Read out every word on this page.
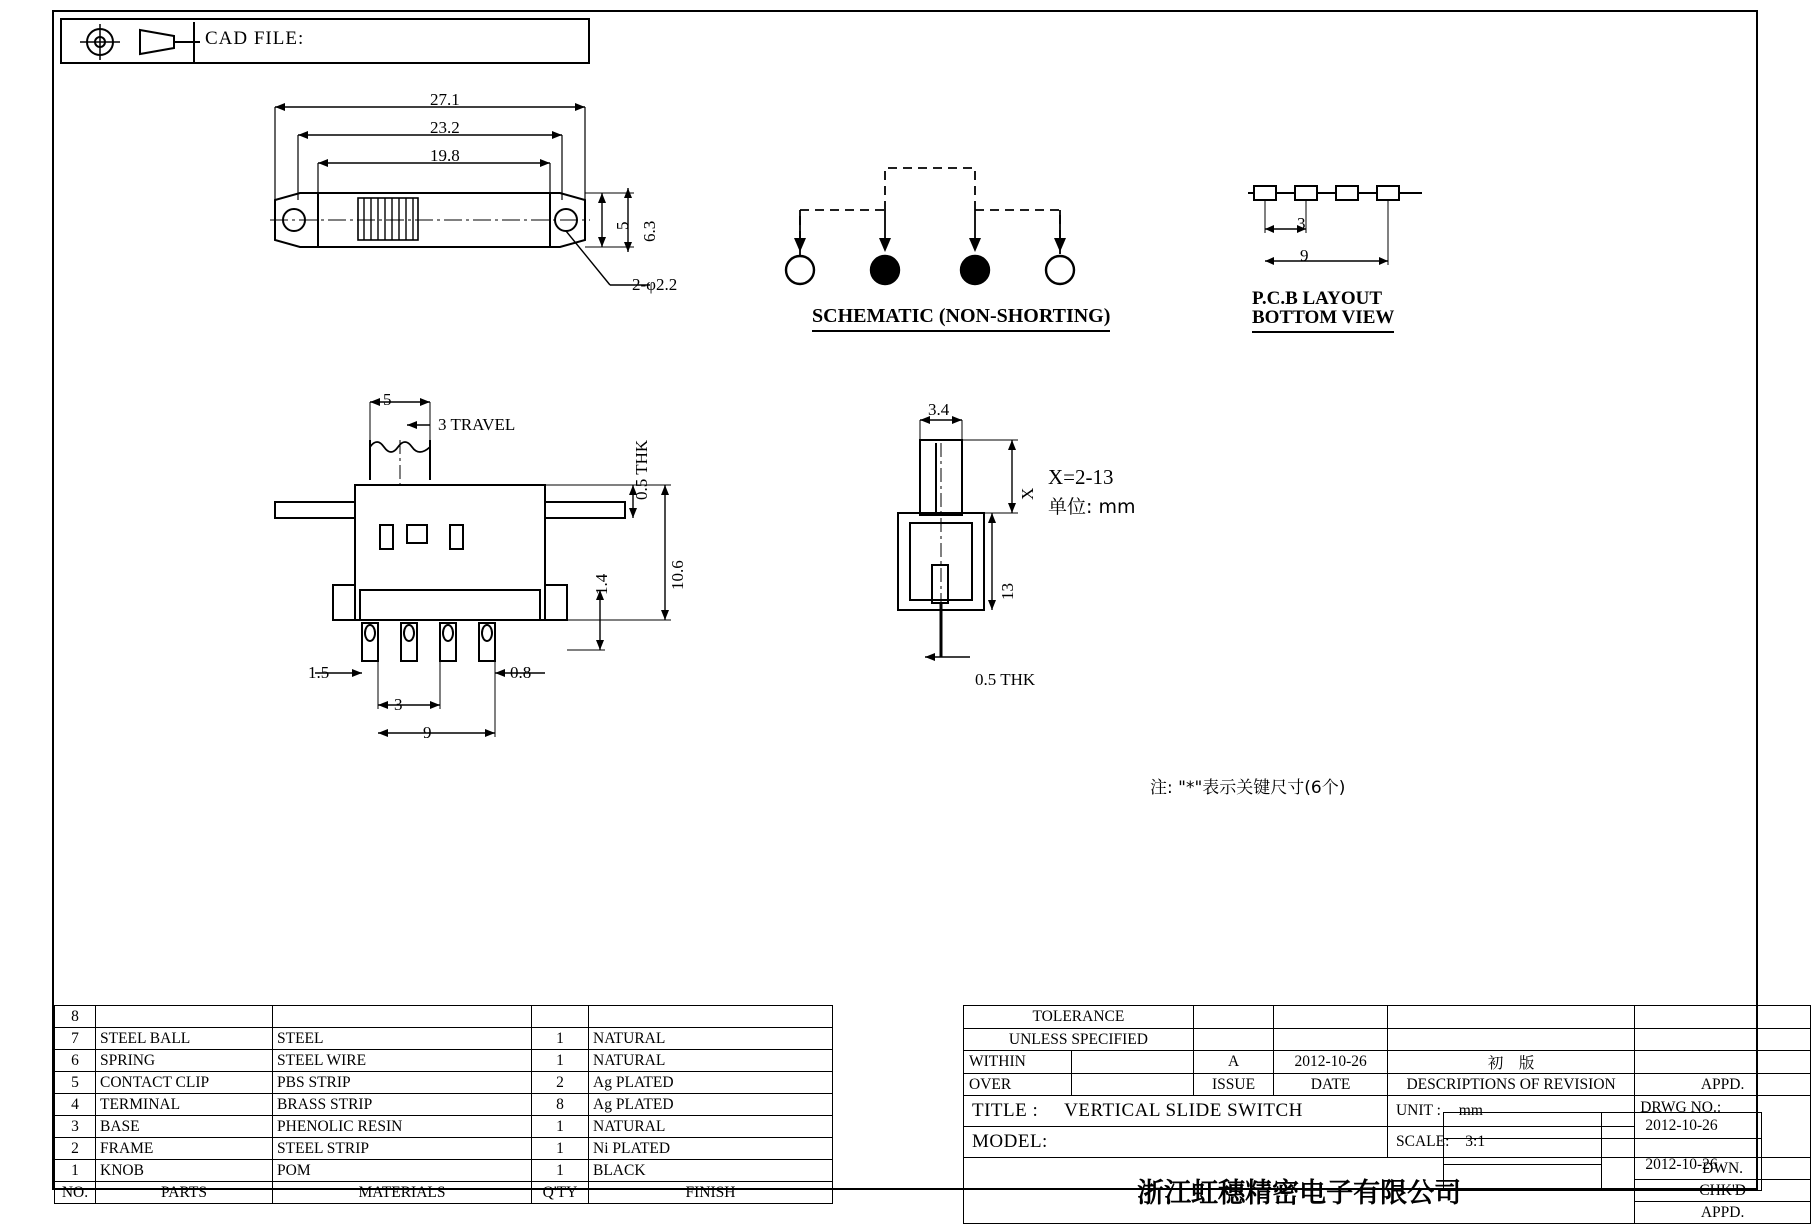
CAD FILE:
27.1
23.2
19.8
5 6.3
2-φ2.2
SCHEMATIC (NON-SHORTING)
3
9
P.C.B LAYOUT
BOTTOM VIEW
5
3 TRAVEL
0.5 THK
10.6
1.4
1.5	0.8
3
9
3.4
X
13
0.5 THK
X=2-13
单位: mm
注: "*"表示关键尺寸(6个)
8				
7	STEEL BALL	STEEL	1	NATURAL
6	SPRING	STEEL WIRE	1	NATURAL
5	CONTACT CLIP	PBS STRIP	2	Ag PLATED
4	TERMINAL	BRASS STRIP	8	Ag PLATED
3	BASE	PHENOLIC RESIN	1	NATURAL
2	FRAME	STEEL STRIP	1	Ni PLATED
1	KNOB	POM	1	BLACK
NO.	PARTS	MATERIALS	Q'TY	FINISH
TOLERANCE					
UNLESS SPECIFIED					
WITHIN		A	2012-10-26	初　版	
OVER		ISSUE	DATE	DESCRIPTIONS OF REVISION	APPD.
TITLE : VERTICAL SLIDE SWITCH				UNIT : mm	DRWG NO.:
MODEL:				SCALE: 3:1	

浙江虹穗精密电子有限公司					DWN.
					CHK'D
					APPD.
	2012-10-26
	2012-10-26
